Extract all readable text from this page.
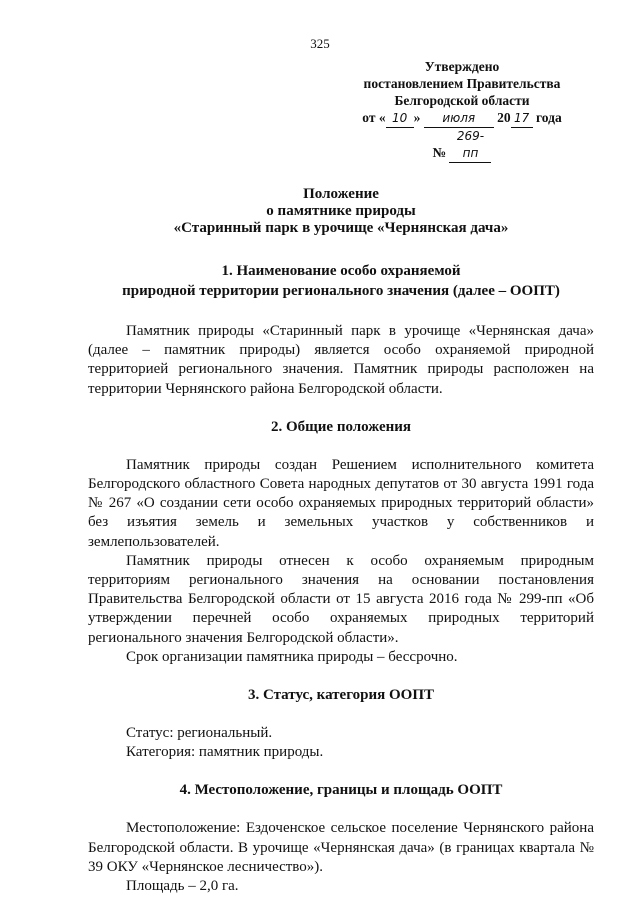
325
Утверждено
постановлением Правительства
Белгородской области
от « 10 » июля 20 17 года
№ 269-пп
Положение
о памятнике природы
«Старинный парк в урочище «Чернянская дача»
1. Наименование особо охраняемой
природной территории регионального значения (далее – ООПТ)

Памятник природы «Старинный парк в урочище «Чернянская дача» (далее – памятник природы) является особо охраняемой природной территорией регионального значения. Памятник природы расположен на территории Чернянского района Белгородской области.

2. Общие положения

Памятник природы создан Решением исполнительного комитета Белгородского областного Совета народных депутатов от 30 августа 1991 года № 267 «О создании сети особо охраняемых природных территорий области» без изъятия земель и земельных участков у собственников и землепользователей.

Памятник природы отнесен к особо охраняемым природным территориям регионального значения на основании постановления Правительства Белгородской области от 15 августа 2016 года № 299-пп «Об утверждении перечней особо охраняемых природных территорий регионального значения Белгородской области».

Срок организации памятника природы – бессрочно.

3. Статус, категория ООПТ

Статус: региональный.

Категория: памятник природы.

4. Местоположение, границы и площадь ООПТ

Местоположение: Ездоченское сельское поселение Чернянского района Белгородской области. В урочище «Чернянская дача» (в границах квартала № 39 ОКУ «Чернянское лесничество»).

Площадь – 2,0 га.
